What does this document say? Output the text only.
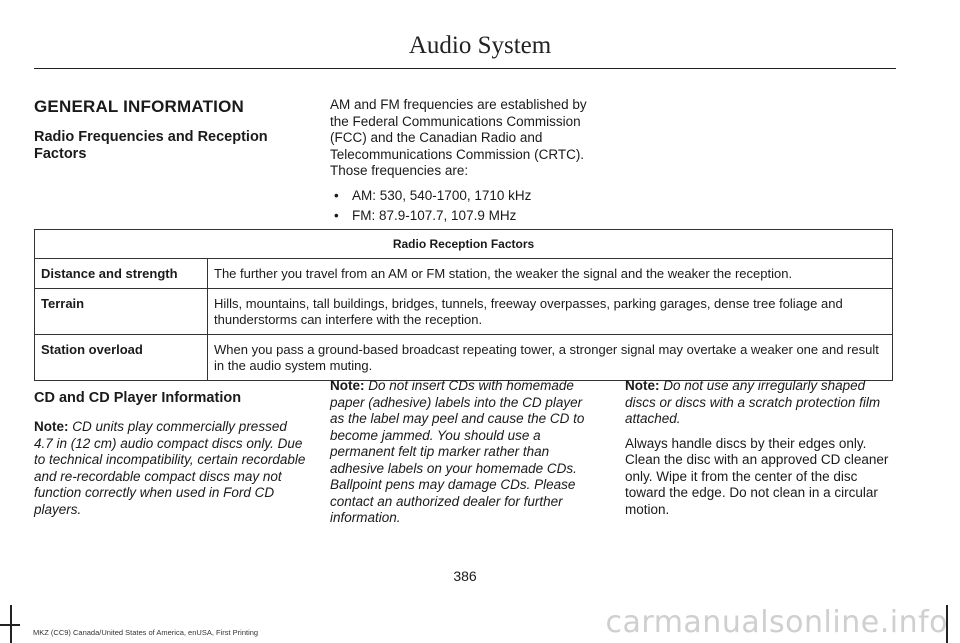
Audio System
GENERAL INFORMATION
Radio Frequencies and Reception Factors

AM and FM frequencies are established by the Federal Communications Commission (FCC) and the Canadian Radio and Telecommunications Commission (CRTC). Those frequencies are:

• AM: 530, 540-1700, 1710 kHz
• FM: 87.9-107.7, 107.9 MHz
Radio Reception Factors	
Distance and strength	The further you travel from an AM or FM station, the weaker the signal and the weaker the reception.
Terrain	Hills, mountains, tall buildings, bridges, tunnels, freeway overpasses, parking garages, dense tree foliage and thunderstorms can interfere with the reception.
Station overload	When you pass a ground-based broadcast repeating tower, a stronger signal may overtake a weaker one and result in the audio system muting.
CD and CD Player Information

Note: CD units play commercially pressed 4.7 in (12 cm) audio compact discs only. Due to technical incompatibility, certain recordable and re-recordable compact discs may not function correctly when used in Ford CD players.

Note: Do not insert CDs with homemade paper (adhesive) labels into the CD player as the label may peel and cause the CD to become jammed. You should use a permanent felt tip marker rather than adhesive labels on your homemade CDs. Ballpoint pens may damage CDs. Please contact an authorized dealer for further information.

Note: Do not use any irregularly shaped discs or discs with a scratch protection film attached.

Always handle discs by their edges only. Clean the disc with an approved CD cleaner only. Wipe it from the center of the disc toward the edge. Do not clean in a circular motion.

386
MKZ (CC9) Canada/United States of America, enUSA, First Printing	carmanualsonline.info
